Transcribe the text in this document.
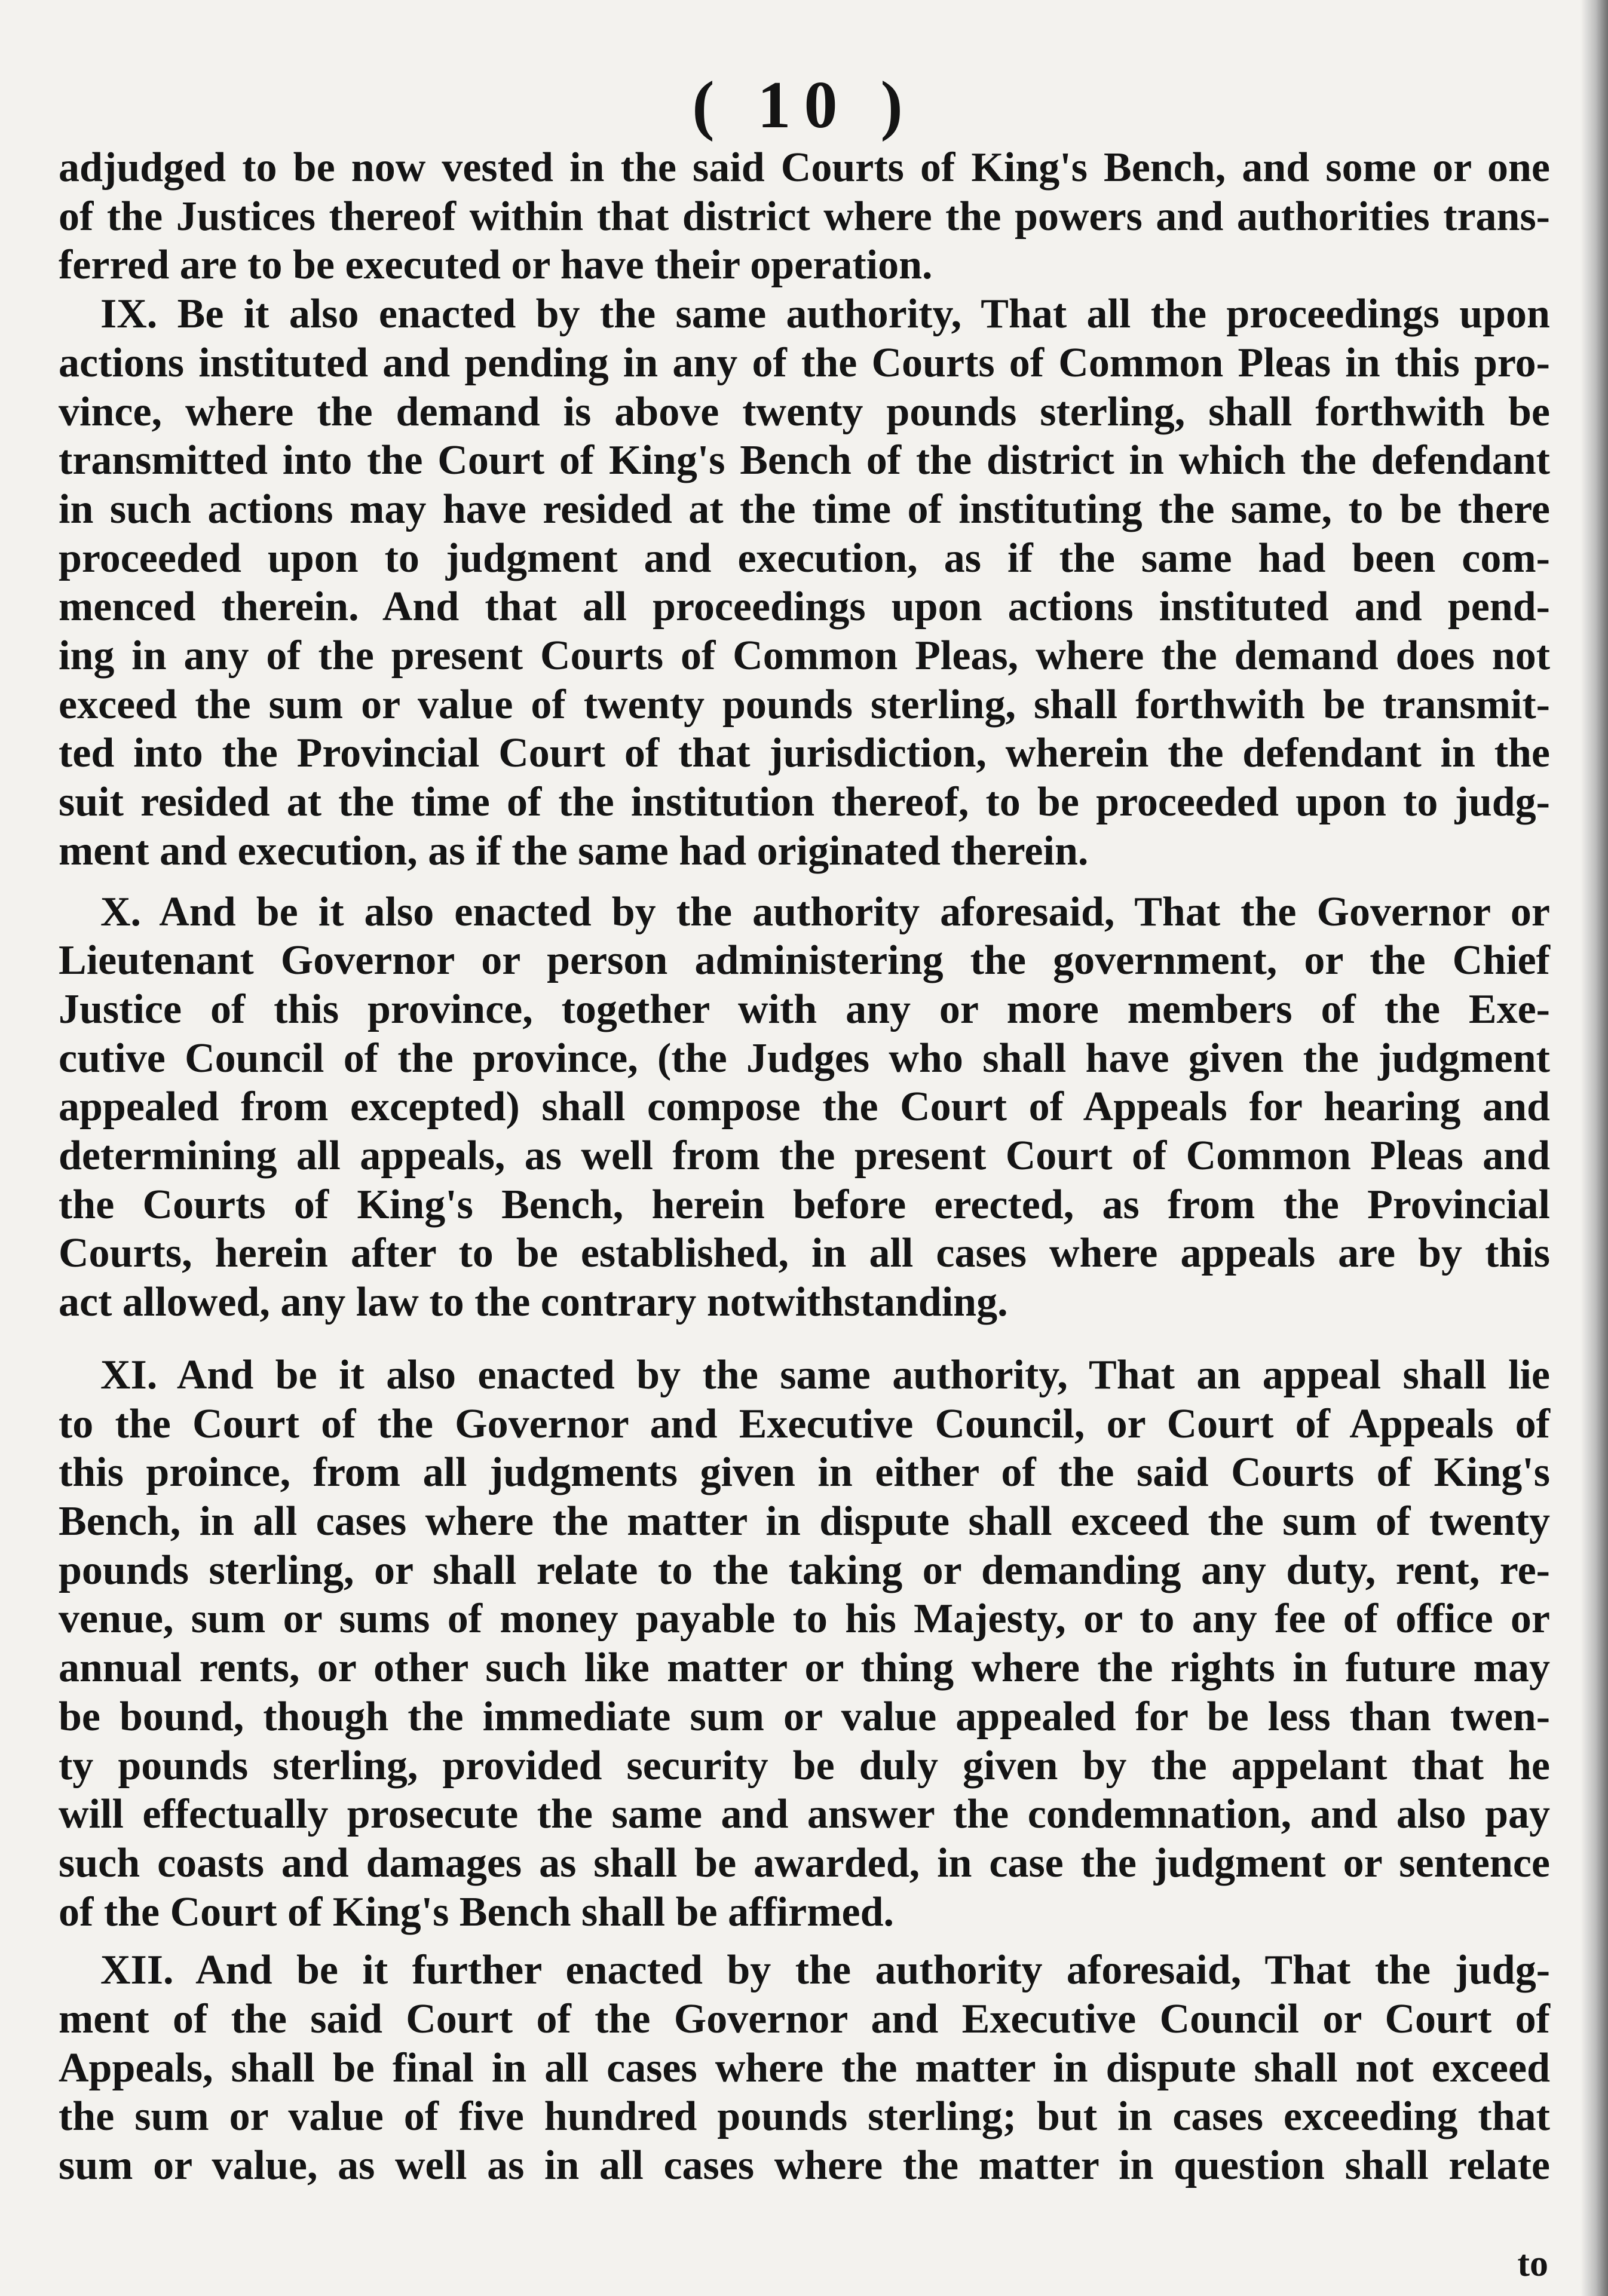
( 10 )
adjudged to be now vested in the said Courts of King's Bench, and some or one
of the Justices thereof within that district where the powers and authorities trans-
ferred are to be executed or have their operation.
IX. Be it also enacted by the same authority, That all the proceedings upon
actions instituted and pending in any of the Courts of Common Pleas in this pro-
vince, where the demand is above twenty pounds sterling, shall forthwith be
transmitted into the Court of King's Bench of the district in which the defendant
in such actions may have resided at the time of instituting the same, to be there
proceeded upon to judgment and execution, as if the same had been com-
menced therein. And that all proceedings upon actions instituted and pend-
ing in any of the present Courts of Common Pleas, where the demand does not
exceed the sum or value of twenty pounds sterling, shall forthwith be transmit-
ted into the Provincial Court of that jurisdiction, wherein the defendant in the
suit resided at the time of the institution thereof, to be proceeded upon to judg-
ment and execution, as if the same had originated therein.
X. And be it also enacted by the authority aforesaid, That the Governor or
Lieutenant Governor or person administering the government, or the Chief
Justice of this province, together with any or more members of the Exe-
cutive Council of the province, (the Judges who shall have given the judgment
appealed from excepted) shall compose the Court of Appeals for hearing and
determining all appeals, as well from the present Court of Common Pleas and
the Courts of King's Bench, herein before erected, as from the Provincial
Courts, herein after to be established, in all cases where appeals are by this
act allowed, any law to the contrary notwithstanding.
XI. And be it also enacted by the same authority, That an appeal shall lie
to the Court of the Governor and Executive Council, or Court of Appeals of
this proince, from all judgments given in either of the said Courts of King's
Bench, in all cases where the matter in dispute shall exceed the sum of twenty
pounds sterling, or shall relate to the taking or demanding any duty, rent, re-
venue, sum or sums of money payable to his Majesty, or to any fee of office or
annual rents, or other such like matter or thing where the rights in future may
be bound, though the immediate sum or value appealed for be less than twen-
ty pounds sterling, provided security be duly given by the appelant that he
will effectually prosecute the same and answer the condemnation, and also pay
such coasts and damages as shall be awarded, in case the judgment or sentence
of the Court of King's Bench shall be affirmed.
XII. And be it further enacted by the authority aforesaid, That the judg-
ment of the said Court of the Governor and Executive Council or Court of
Appeals, shall be final in all cases where the matter in dispute shall not exceed
the sum or value of five hundred pounds sterling; but in cases exceeding that
sum or value, as well as in all cases where the matter in question shall relate
to
